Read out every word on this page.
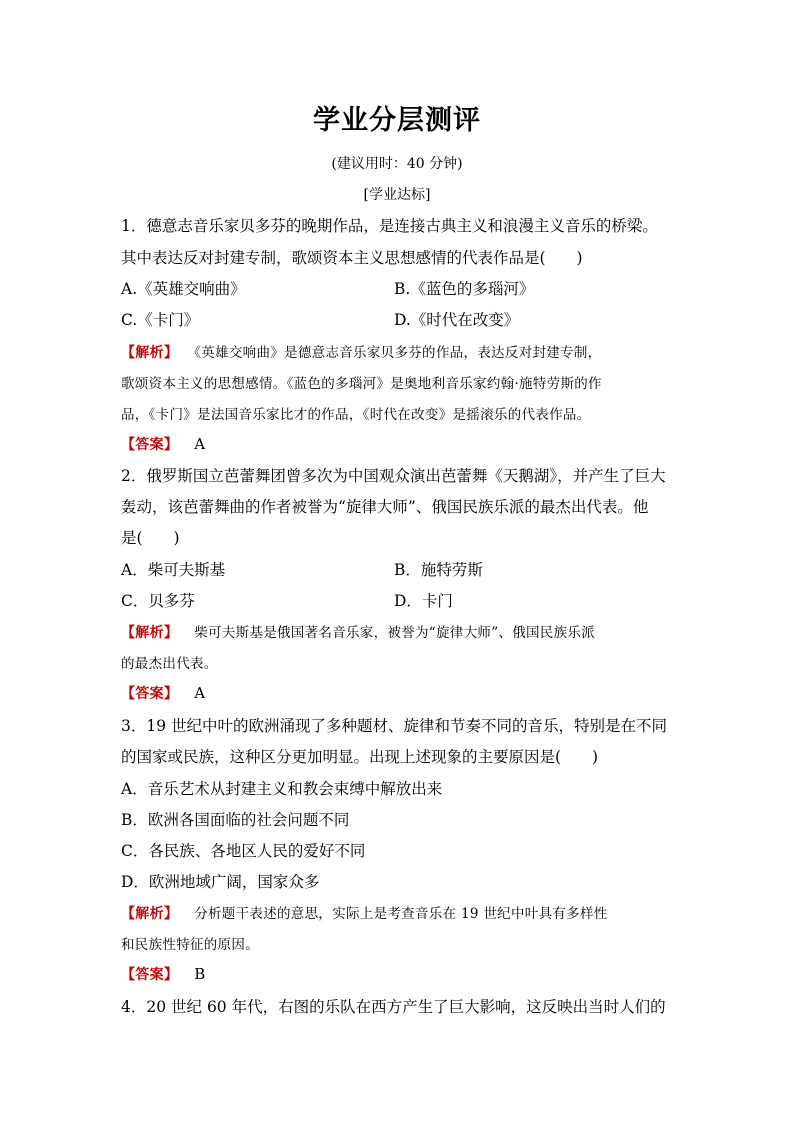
学业分层测评
(建议用时：40 分钟)
[学业达标]
1．德意志音乐家贝多芬的晚期作品，是连接古典主义和浪漫主义音乐的桥梁。
其中表达反对封建专制，歌颂资本主义思想感情的代表作品是(　　)
A.《英雄交响曲》	B.《蓝色的多瑙河》
C.《卡门》	D.《时代在改变》
【解析】 《英雄交响曲》是德意志音乐家贝多芬的作品，表达反对封建专制，
歌颂资本主义的思想感情。《蓝色的多瑙河》是奥地利音乐家约翰·施特劳斯的作
品，《卡门》是法国音乐家比才的作品，《时代在改变》是摇滚乐的代表作品。
【答案】 A
2．俄罗斯国立芭蕾舞团曾多次为中国观众演出芭蕾舞《天鹅湖》，并产生了巨大
轰动，该芭蕾舞曲的作者被誉为“旋律大师”、俄国民族乐派的最杰出代表。他
是(　　)
A．柴可夫斯基	B．施特劳斯
C．贝多芬	D．卡门
【解析】 柴可夫斯基是俄国著名音乐家，被誉为“旋律大师”、俄国民族乐派
的最杰出代表。
【答案】 A
3．19 世纪中叶的欧洲涌现了多种题材、旋律和节奏不同的音乐，特别是在不同
的国家或民族，这种区分更加明显。出现上述现象的主要原因是(　　)
A．音乐艺术从封建主义和教会束缚中解放出来
B．欧洲各国面临的社会问题不同
C．各民族、各地区人民的爱好不同
D．欧洲地域广阔，国家众多
【解析】 分析题干表述的意思，实际上是考查音乐在 19 世纪中叶具有多样性
和民族性特征的原因。
【答案】 B
4．20 世纪 60 年代，右图的乐队在西方产生了巨大影响，这反映出当时人们的
